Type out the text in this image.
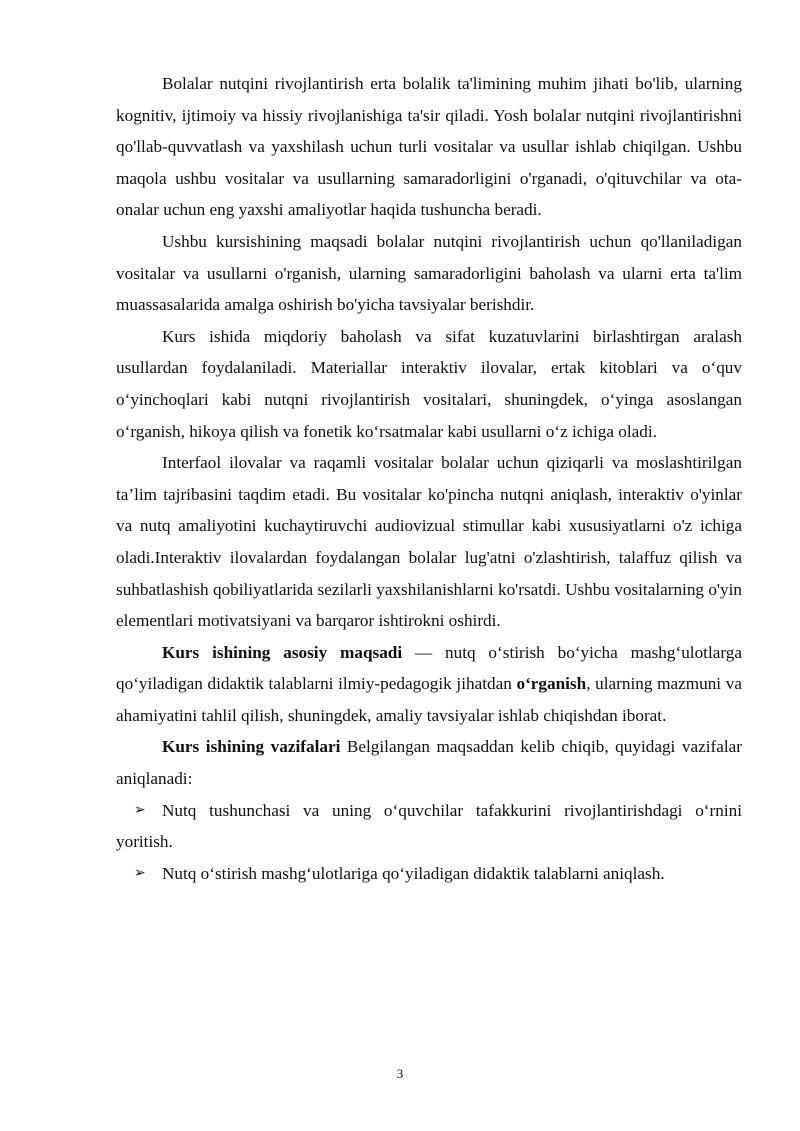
Bolalar nutqini rivojlantirish erta bolalik ta'limining muhim jihati bo'lib, ularning kognitiv, ijtimoiy va hissiy rivojlanishiga ta'sir qiladi. Yosh bolalar nutqini rivojlantirishni qo'llab-quvvatlash va yaxshilash uchun turli vositalar va usullar ishlab chiqilgan. Ushbu maqola ushbu vositalar va usullarning samaradorligini o'rganadi, o'qituvchilar va ota-onalar uchun eng yaxshi amaliyotlar haqida tushuncha beradi.

Ushbu kursishining maqsadi bolalar nutqini rivojlantirish uchun qo'llaniladigan vositalar va usullarni o'rganish, ularning samaradorligini baholash va ularni erta ta'lim muassasalarida amalga oshirish bo'yicha tavsiyalar berishdir.

Kurs ishida miqdoriy baholash va sifat kuzatuvlarini birlashtirgan aralash usullardan foydalaniladi. Materiallar interaktiv ilovalar, ertak kitoblari va o‘quv o‘yinchoqlari kabi nutqni rivojlantirish vositalari, shuningdek, o‘yinga asoslangan o‘rganish, hikoya qilish va fonetik ko‘rsatmalar kabi usullarni o‘z ichiga oladi.

Interfaol ilovalar va raqamli vositalar bolalar uchun qiziqarli va moslashtirilgan ta’lim tajribasini taqdim etadi. Bu vositalar ko'pincha nutqni aniqlash, interaktiv o'yinlar va nutq amaliyotini kuchaytiruvchi audiovizual stimullar kabi xususiyatlarni o'z ichiga oladi.Interaktiv ilovalardan foydalangan bolalar lug'atni o'zlashtirish, talaffuz qilish va suhbatlashish qobiliyatlarida sezilarli yaxshilanishlarni ko'rsatdi. Ushbu vositalarning o'yin elementlari motivatsiyani va barqaror ishtirokni oshirdi.

Kurs ishining asosiy maqsadi — nutq o‘stirish bo‘yicha mashg‘ulotlarga qo‘yiladigan didaktik talablarni ilmiy-pedagogik jihatdan o‘rganish, ularning mazmuni va ahamiyatini tahlil qilish, shuningdek, amaliy tavsiyalar ishlab chiqishdan iborat.

Kurs ishining vazifalari Belgilangan maqsaddan kelib chiqib, quyidagi vazifalar aniqlanadi:

➢ Nutq tushunchasi va uning o‘quvchilar tafakkurini rivojlantirishdagi o‘rnini yoritish.

➢ Nutq o‘stirish mashg‘ulotlariga qo‘yiladigan didaktik talablarni aniqlash.

3
